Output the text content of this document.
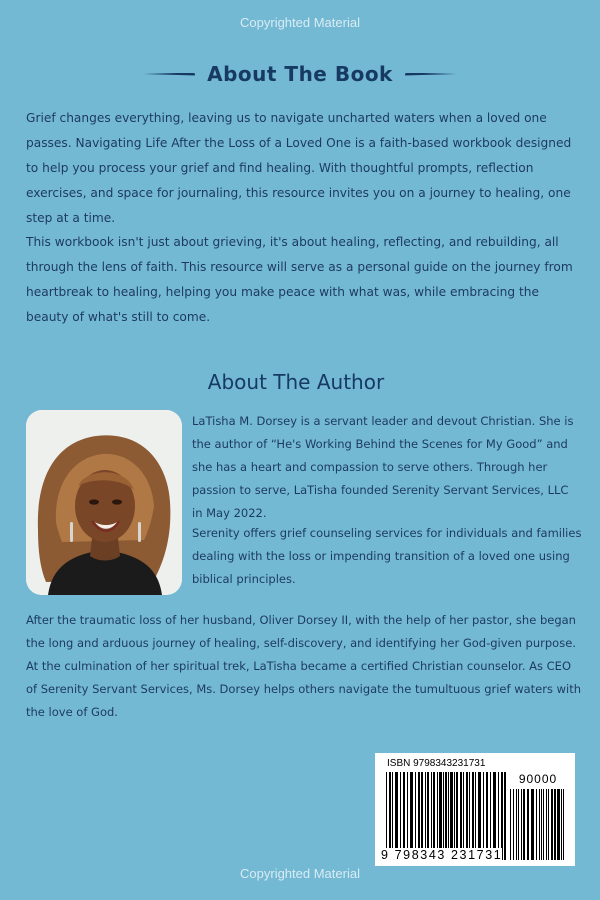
Copyrighted Material
About The Book

Grief changes everything, leaving us to navigate uncharted waters when a loved one passes. Navigating Life After the Loss of a Loved One is a faith-based workbook designed to help you process your grief and find healing. With thoughtful prompts, reflection exercises, and space for journaling, this resource invites you on a journey to healing, one step at a time.

This workbook isn't just about grieving, it's about healing, reflecting, and rebuilding, all through the lens of faith. This resource will serve as a personal guide on the journey from heartbreak to healing, helping you make peace with what was, while embracing the beauty of what's still to come.

About The Author

LaTisha M. Dorsey is a servant leader and devout Christian. She is the author of “He's Working Behind the Scenes for My Good” and she has a heart and compassion to serve others. Through her passion to serve, LaTisha founded Serenity Servant Services, LLC in May 2022.

Serenity offers grief counseling services for individuals and families dealing with the loss or impending transition of a loved one using biblical principles.

After the traumatic loss of her husband, Oliver Dorsey II, with the help of her pastor, she began the long and arduous journey of healing, self-discovery, and identifying her God-given purpose. At the culmination of her spiritual trek, LaTisha became a certified Christian counselor. As CEO of Serenity Servant Services, Ms. Dorsey helps others navigate the tumultuous grief waters with the love of God.

ISBN 9798343231731
90000
9 798343 231731
Copyrighted Material
